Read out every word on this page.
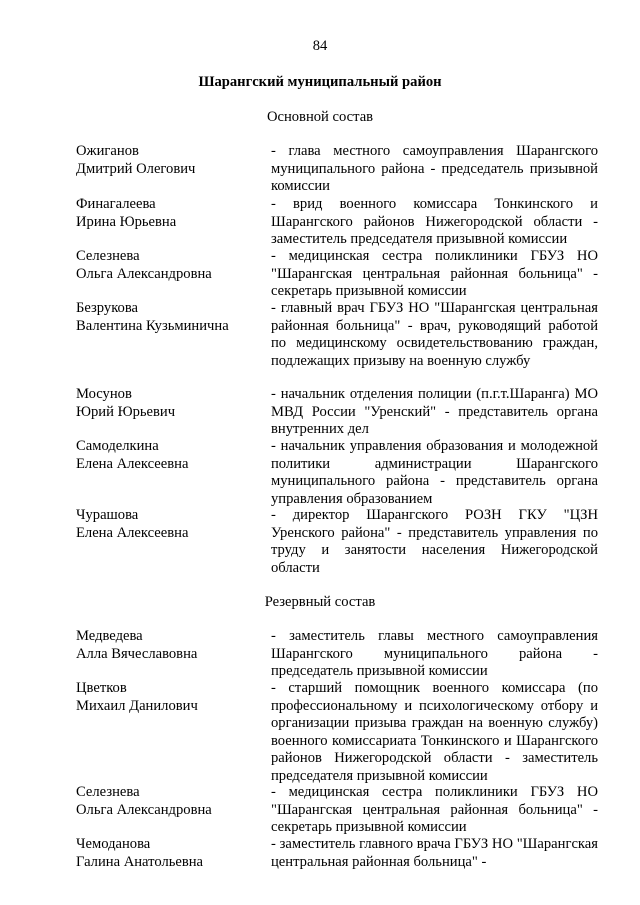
84
Шарангский муниципальный район
Основной состав
Ожиганов
Дмитрий Олегович
- глава местного самоуправления Шарангского муниципального района - председатель призывной комиссии
Финагалеева
Ирина Юрьевна
- врид военного комиссара Тонкинского и Шарангского районов Нижегородской области - заместитель председателя призывной комиссии
Селезнева
Ольга Александровна
- медицинская сестра поликлиники ГБУЗ НО "Шарангская центральная районная больница" - секретарь призывной комиссии
Безрукова
Валентина Кузьминична
- главный врач ГБУЗ НО "Шарангская центральная районная больница" - врач, руководящий работой по медицинскому освидетельствованию граждан, подлежащих призыву на военную службу
Мосунов
Юрий Юрьевич
- начальник отделения полиции (п.г.т.Шаранга) МО МВД России "Уренский" - представитель органа внутренних дел
Самоделкина
Елена Алексеевна
- начальник управления образования и молодежной политики администрации Шарангского муниципального района - представитель органа управления образованием
Чурашова
Елена Алексеевна
- директор Шарангского РОЗН ГКУ "ЦЗН Уренского района" - представитель управления по труду и занятости населения Нижегородской области
Резервный состав
Медведева
Алла Вячеславовна
- заместитель главы местного самоуправления Шарангского муниципального района - председатель призывной комиссии
Цветков
Михаил Данилович
- старший помощник военного комиссара (по профессиональному и психологическому отбору и организации призыва граждан на военную службу) военного комиссариата Тонкинского и Шарангского районов Нижегородской области - заместитель председателя призывной комиссии
Селезнева
Ольга Александровна
- медицинская сестра поликлиники ГБУЗ НО "Шарангская центральная районная больница" - секретарь призывной комиссии
Чемоданова
Галина Анатольевна
- заместитель главного врача ГБУЗ НО "Шарангская центральная районная больница" -
